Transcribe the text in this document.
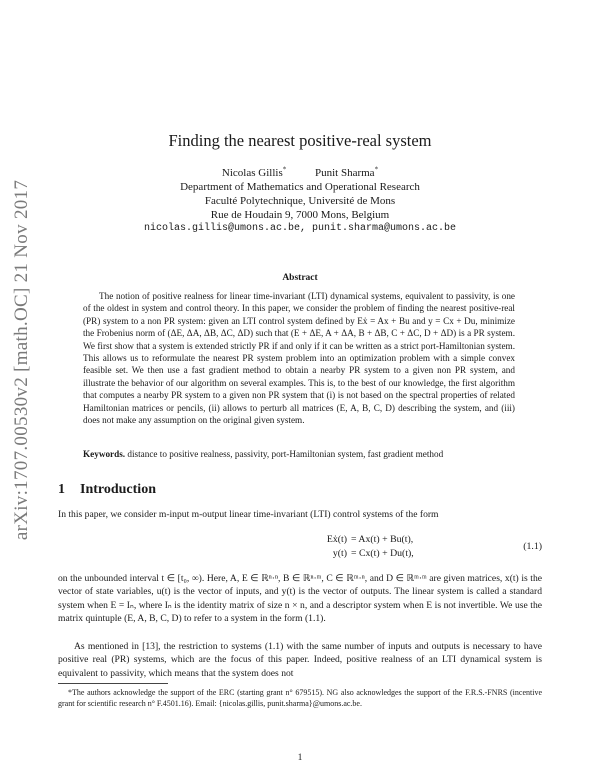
arXiv:1707.00530v2 [math.OC] 21 Nov 2017
Finding the nearest positive-real system
Nicolas Gillis*	Punit Sharma*
Department of Mathematics and Operational Research
Faculté Polytechnique, Université de Mons
Rue de Houdain 9, 7000 Mons, Belgium
nicolas.gillis@umons.ac.be, punit.sharma@umons.ac.be
Abstract
The notion of positive realness for linear time-invariant (LTI) dynamical systems, equivalent to passivity, is one of the oldest in system and control theory. In this paper, we consider the problem of finding the nearest positive-real (PR) system to a non PR system: given an LTI control system defined by Eẋ = Ax + Bu and y = Cx + Du, minimize the Frobenius norm of (ΔE, ΔA, ΔB, ΔC, ΔD) such that (E + ΔE, A + ΔA, B + ΔB, C + ΔC, D + ΔD) is a PR system. We first show that a system is extended strictly PR if and only if it can be written as a strict port-Hamiltonian system. This allows us to reformulate the nearest PR system problem into an optimization problem with a simple convex feasible set. We then use a fast gradient method to obtain a nearby PR system to a given non PR system, and illustrate the behavior of our algorithm on several examples. This is, to the best of our knowledge, the first algorithm that computes a nearby PR system to a given non PR system that (i) is not based on the spectral properties of related Hamiltonian matrices or pencils, (ii) allows to perturb all matrices (E, A, B, C, D) describing the system, and (iii) does not make any assumption on the original given system.
Keywords. distance to positive realness, passivity, port-Hamiltonian system, fast gradient method
1 Introduction
In this paper, we consider m-input m-output linear time-invariant (LTI) control systems of the form
Eẋ(t) = Ax(t) + Bu(t),
y(t) = Cx(t) + Du(t),
(1.1)
on the unbounded interval t ∈ [t₀, ∞). Here, A, E ∈ ℝⁿ·ⁿ, B ∈ ℝⁿ·ᵐ, C ∈ ℝᵐ·ⁿ, and D ∈ ℝᵐ·ᵐ are given matrices, x(t) is the vector of state variables, u(t) is the vector of inputs, and y(t) is the vector of outputs. The linear system is called a standard system when E = Iₙ, where Iₙ is the identity matrix of size n × n, and a descriptor system when E is not invertible. We use the matrix quintuple (E, A, B, C, D) to refer to a system in the form (1.1).
As mentioned in [13], the restriction to systems (1.1) with the same number of inputs and outputs is necessary to have positive real (PR) systems, which are the focus of this paper. Indeed, positive realness of an LTI dynamical system is equivalent to passivity, which means that the system does not
*The authors acknowledge the support of the ERC (starting grant n° 679515). NG also acknowledges the support of the F.R.S.-FNRS (incentive grant for scientific research n° F.4501.16). Email: {nicolas.gillis, punit.sharma}@umons.ac.be.
1
